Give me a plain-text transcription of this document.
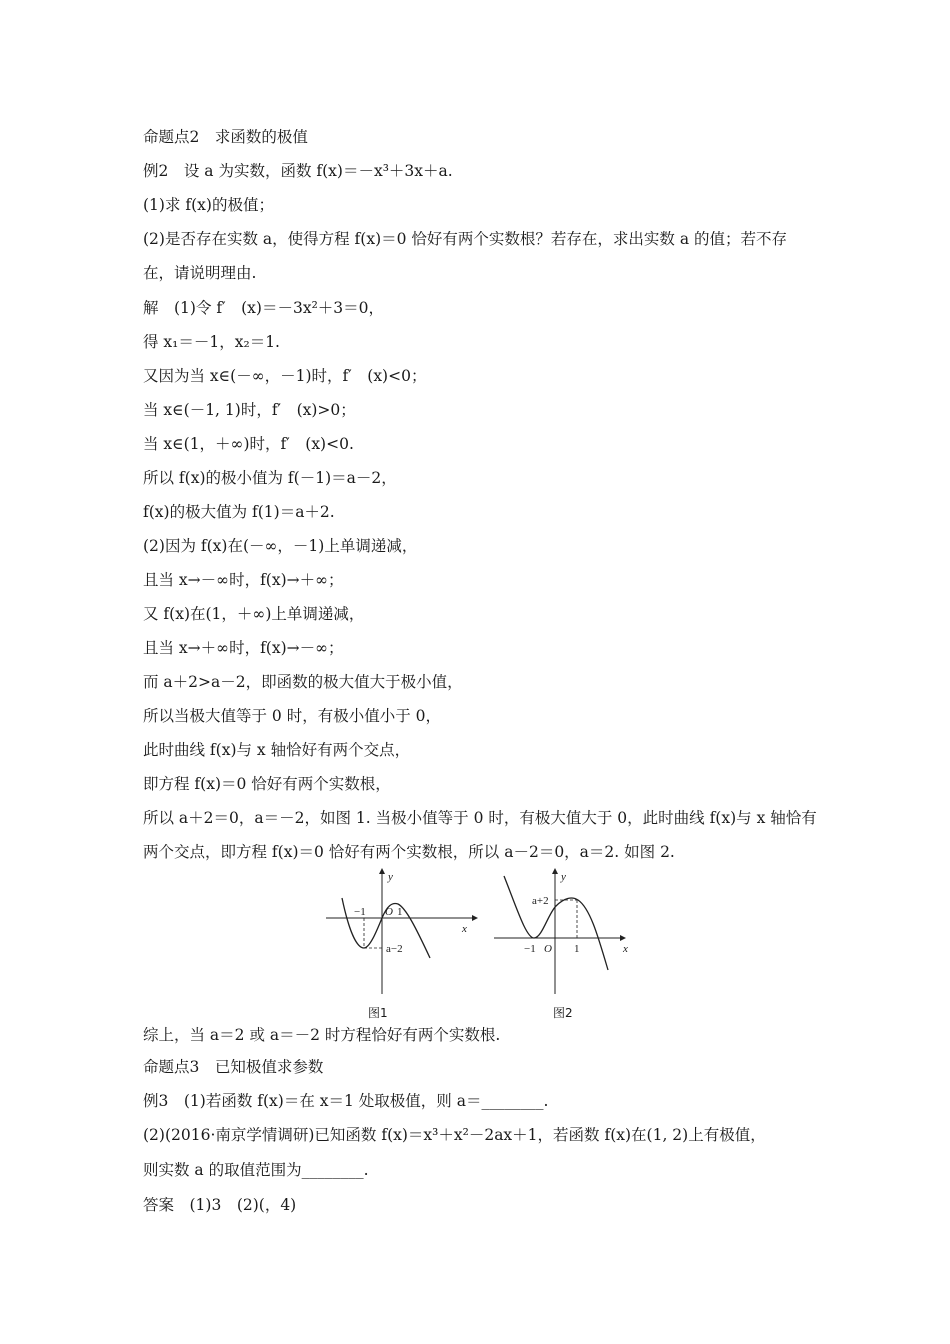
命题点2　求函数的极值
例2　设 a 为实数，函数 f(x)＝－x³＋3x＋a.
(1)求 f(x)的极值；
(2)是否存在实数 a，使得方程 f(x)＝0 恰好有两个实数根？若存在，求出实数 a 的值；若不存
在，请说明理由.
解　(1)令 f′　(x)＝－3x²＋3＝0，
得 x₁＝－1，x₂＝1.
又因为当 x∈(－∞，－1)时，f′　(x)<0；
当 x∈(－1, 1)时，f′　(x)>0；
当 x∈(1，＋∞)时，f′　(x)<0.
所以 f(x)的极小值为 f(－1)＝a－2，
f(x)的极大值为 f(1)＝a＋2.
(2)因为 f(x)在(－∞，－1)上单调递减，
且当 x→－∞时，f(x)→＋∞；
又 f(x)在(1，＋∞)上单调递减，
且当 x→＋∞时，f(x)→－∞；
而 a＋2>a－2，即函数的极大值大于极小值，
所以当极大值等于 0 时，有极小值小于 0，
此时曲线 f(x)与 x 轴恰好有两个交点，
即方程 f(x)＝0 恰好有两个实数根，
所以 a＋2＝0，a＝－2，如图 1. 当极小值等于 0 时，有极大值大于 0，此时曲线 f(x)与 x 轴恰有
两个交点，即方程 f(x)＝0 恰好有两个实数根，所以 a－2＝0，a＝2. 如图 2.
y
x
O
−1	1
a−2
图1
y
x
O
−1	1
a+2
图2
综上，当 a＝2 或 a＝－2 时方程恰好有两个实数根.
命题点3　已知极值求参数
例3　(1)若函数 f(x)＝在 x＝1 处取极值，则 a＝________.
(2)(2016·南京学情调研)已知函数 f(x)＝x³＋x²－2ax＋1，若函数 f(x)在(1, 2)上有极值，
则实数 a 的取值范围为________.
答案　(1)3　(2)(，4)
